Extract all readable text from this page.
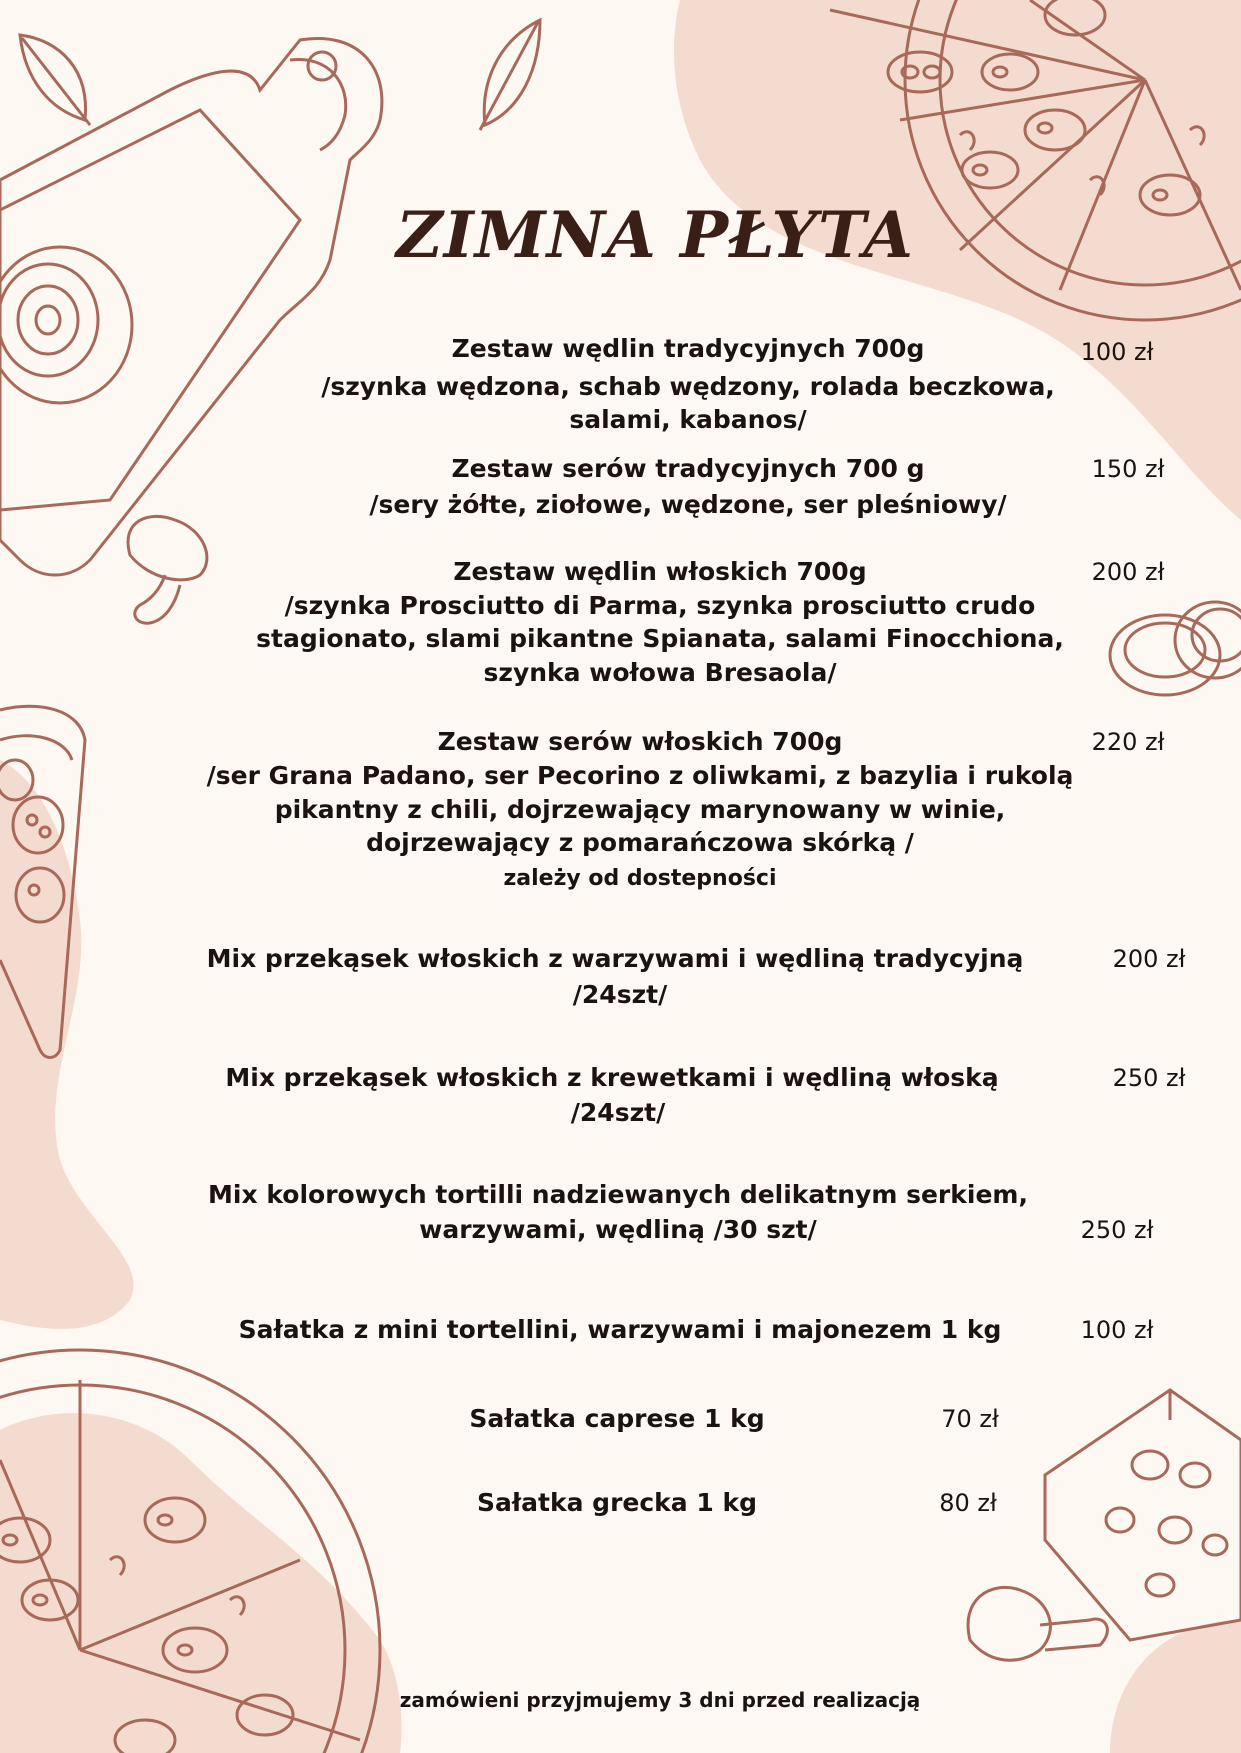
ZIMNA PŁYTA
Zestaw wędlin tradycyjnych 700g
/szynka wędzona, schab wędzony, rolada beczkowa,
salami, kabanos/
100 zł
Zestaw serów tradycyjnych 700 g
/sery żółte, ziołowe, wędzone, ser pleśniowy/
150 zł
Zestaw wędlin włoskich 700g
/szynka Prosciutto di Parma, szynka prosciutto crudo
stagionato, slami pikantne Spianata, salami Finocchiona,
szynka wołowa Bresaola/
200 zł
Zestaw serów włoskich 700g
/ser Grana Padano, ser Pecorino z oliwkami, z bazylia i rukolą
pikantny z chili, dojrzewający marynowany w winie,
dojrzewający z pomarańczowa skórką /
zależy od dostepności
220 zł
Mix przekąsek włoskich z warzywami i wędliną tradycyjną
/24szt/
200 zł
Mix przekąsek włoskich z krewetkami i wędliną włoską
/24szt/
250 zł
Mix kolorowych tortilli nadziewanych delikatnym serkiem,
warzywami, wędliną /30 szt/	250 zł
Sałatka z mini tortellini, warzywami i majonezem 1 kg	100 zł
Sałatka caprese 1 kg	70 zł
Sałatka grecka 1 kg	80 zł
zamówieni przyjmujemy 3 dni przed realizacją
